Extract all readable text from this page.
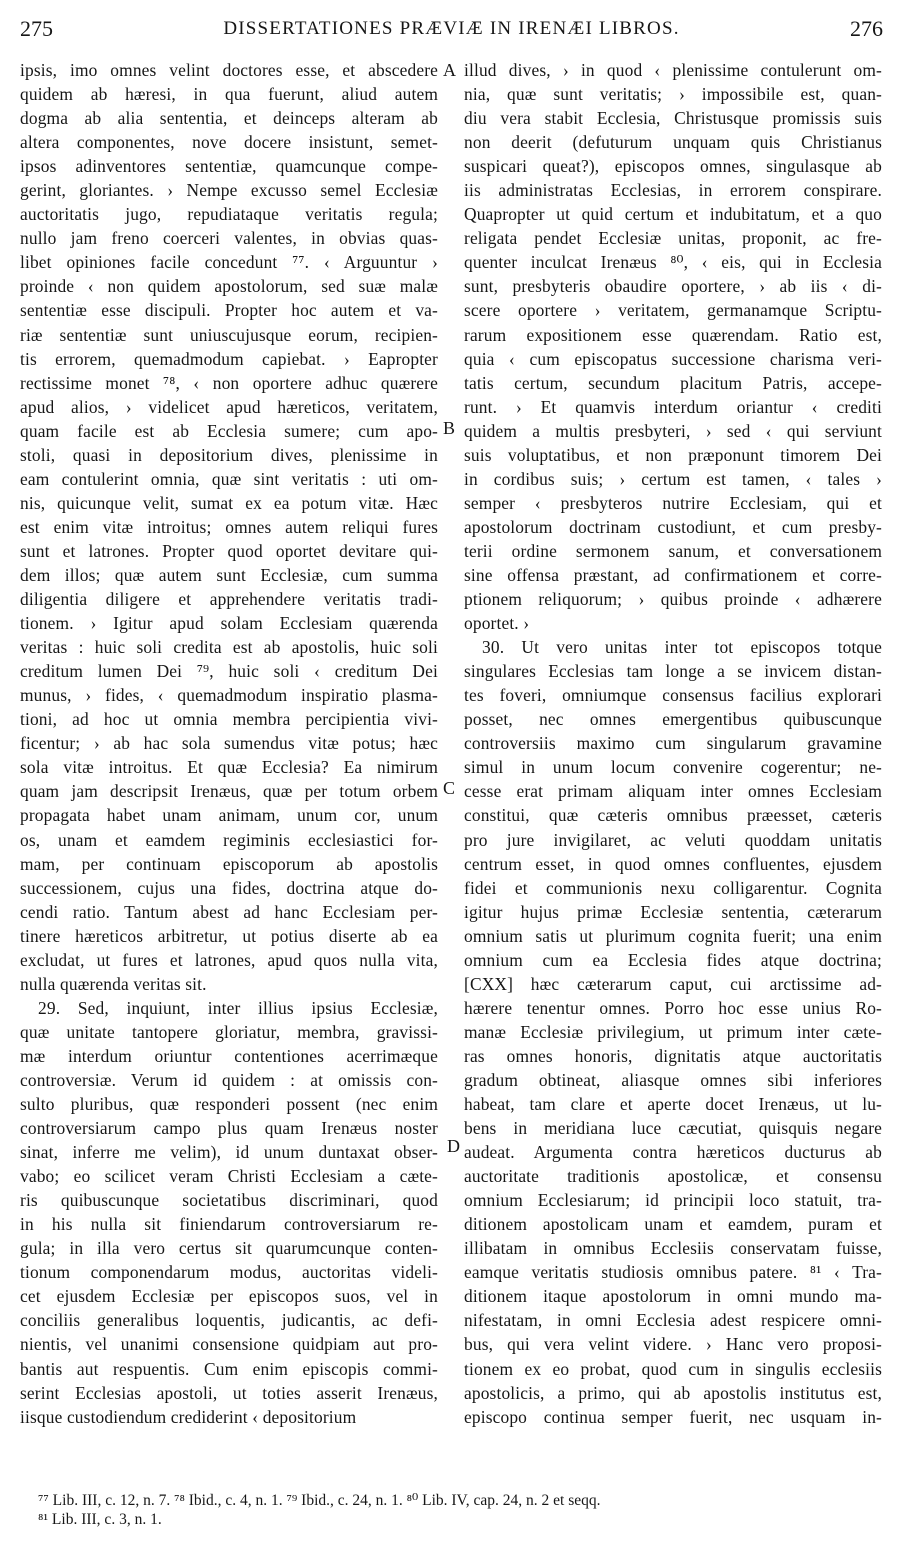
275	DISSERTATIONES PRÆVIÆ IN IRENÆI LIBROS.	276
ipsis, imo omnes velint doctores esse, et abscedere
quidem ab hæresi, in qua fuerunt, aliud autem
dogma ab alia sententia, et deinceps alteram ab
altera componentes, nove docere insistunt, semet-
ipsos adinventores sententiæ, quamcunque compe-
gerint, gloriantes. › Nempe excusso semel Ecclesiæ
auctoritatis jugo, repudiataque veritatis regula;
nullo jam freno coerceri valentes, in obvias quas-
libet opiniones facile concedunt ⁷⁷. ‹ Arguuntur ›
proinde ‹ non quidem apostolorum, sed suæ malæ
sententiæ esse discipuli. Propter hoc autem et va-
riæ sententiæ sunt uniuscujusque eorum, recipien-
tis errorem, quemadmodum capiebat. › Eapropter
rectissime monet ⁷⁸, ‹ non oportere adhuc quærere
apud alios, › videlicet apud hæreticos, veritatem,
quam facile est ab Ecclesia sumere; cum apo-
stoli, quasi in depositorium dives, plenissime in
eam contulerint omnia, quæ sint veritatis : uti om-
nis, quicunque velit, sumat ex ea potum vitæ. Hæc
est enim vitæ introitus; omnes autem reliqui fures
sunt et latrones. Propter quod oportet devitare qui-
dem illos; quæ autem sunt Ecclesiæ, cum summa
diligentia diligere et apprehendere veritatis tradi-
tionem. › Igitur apud solam Ecclesiam quærenda
veritas : huic soli credita est ab apostolis, huic soli
creditum lumen Dei ⁷⁹, huic soli ‹ creditum Dei
munus, › fides, ‹ quemadmodum inspiratio plasma-
tioni, ad hoc ut omnia membra percipientia vivi-
ficentur; › ab hac sola sumendus vitæ potus; hæc
sola vitæ introitus. Et quæ Ecclesia? Ea nimirum
quam jam descripsit Irenæus, quæ per totum orbem
propagata habet unam animam, unum cor, unum
os, unam et eamdem regiminis ecclesiastici for-
mam, per continuam episcoporum ab apostolis
successionem, cujus una fides, doctrina atque do-
cendi ratio. Tantum abest ad hanc Ecclesiam per-
tinere hæreticos arbitretur, ut potius diserte ab ea
excludat, ut fures et latrones, apud quos nulla vita,
nulla quærenda veritas sit.
29. Sed, inquiunt, inter illius ipsius Ecclesiæ,
quæ unitate tantopere gloriatur, membra, gravissi-
mæ interdum oriuntur contentiones acerrimæque
controversiæ. Verum id quidem : at omissis con-
sulto pluribus, quæ responderi possent (nec enim
controversiarum campo plus quam Irenæus noster
sinat, inferre me velim), id unum duntaxat obser-
vabo; eo scilicet veram Christi Ecclesiam a cæte-
ris quibuscunque societatibus discriminari, quod
in his nulla sit finiendarum controversiarum re-
gula; in illa vero certus sit quarumcunque conten-
tionum componendarum modus, auctoritas videli-
cet ejusdem Ecclesiæ per episcopos suos, vel in
conciliis generalibus loquentis, judicantis, ac defi-
nientis, vel unanimi consensione quidpiam aut pro-
bantis aut respuentis. Cum enim episcopis commi-
serint Ecclesias apostoli, ut toties asserit Irenæus,
iisque custodiendum crediderint ‹ depositorium
illud dives, › in quod ‹ plenissime contulerunt om-
nia, quæ sunt veritatis; › impossibile est, quan-
diu vera stabit Ecclesia, Christusque promissis suis
non deerit (defuturum unquam quis Christianus
suspicari queat?), episcopos omnes, singulasque ab
iis administratas Ecclesias, in errorem conspirare.
Quapropter ut quid certum et indubitatum, et a quo
religata pendet Ecclesiæ unitas, proponit, ac fre-
quenter inculcat Irenæus ⁸⁰, ‹ eis, qui in Ecclesia
sunt, presbyteris obaudire oportere, › ab iis ‹ di-
scere oportere › veritatem, germanamque Scriptu-
rarum expositionem esse quærendam. Ratio est,
quia ‹ cum episcopatus successione charisma veri-
tatis certum, secundum placitum Patris, accepe-
runt. › Et quamvis interdum oriantur ‹ crediti
quidem a multis presbyteri, › sed ‹ qui serviunt
suis voluptatibus, et non præponunt timorem Dei
in cordibus suis; › certum est tamen, ‹ tales ›
semper ‹ presbyteros nutrire Ecclesiam, qui et
apostolorum doctrinam custodiunt, et cum presby-
terii ordine sermonem sanum, et conversationem
sine offensa præstant, ad confirmationem et corre-
ptionem reliquorum; › quibus proinde ‹ adhærere
oportet. ›
30. Ut vero unitas inter tot episcopos totque
singulares Ecclesias tam longe a se invicem distan-
tes foveri, omniumque consensus facilius explorari
posset, nec omnes emergentibus quibuscunque
controversiis maximo cum singularum gravamine
simul in unum locum convenire cogerentur; ne-
cesse erat primam aliquam inter omnes Ecclesiam
constitui, quæ cæteris omnibus præesset, cæteris
pro jure invigilaret, ac veluti quoddam unitatis
centrum esset, in quod omnes confluentes, ejusdem
fidei et communionis nexu colligarentur. Cognita
igitur hujus primæ Ecclesiæ sententia, cæterarum
omnium satis ut plurimum cognita fuerit; una enim
omnium cum ea Ecclesia fides atque doctrina;
[CXX] hæc cæterarum caput, cui arctissime ad-
hærere tenentur omnes. Porro hoc esse unius Ro-
manæ Ecclesiæ privilegium, ut primum inter cæte-
ras omnes honoris, dignitatis atque auctoritatis
gradum obtineat, aliasque omnes sibi inferiores
habeat, tam clare et aperte docet Irenæus, ut lu-
bens in meridiana luce cæcutiat, quisquis negare
audeat. Argumenta contra hæreticos ducturus ab
auctoritate traditionis apostolicæ, et consensu
omnium Ecclesiarum; id principii loco statuit, tra-
ditionem apostolicam unam et eamdem, puram et
illibatam in omnibus Ecclesiis conservatam fuisse,
eamque veritatis studiosis omnibus patere. ⁸¹ ‹ Tra-
ditionem itaque apostolorum in omni mundo ma-
nifestatam, in omni Ecclesia adest respicere omni-
bus, qui vera velint videre. › Hanc vero proposi-
tionem ex eo probat, quod cum in singulis ecclesiis
apostolicis, a primo, qui ab apostolis institutus est,
episcopo continua semper fuerit, nec usquam in-
A
B
C
D
⁷⁷ Lib. III, c. 12, n. 7. ⁷⁸ Ibid., c. 4, n. 1. ⁷⁹ Ibid., c. 24, n. 1. ⁸⁰ Lib. IV, cap. 24, n. 2 et seqq.
⁸¹ Lib. III, c. 3, n. 1.
